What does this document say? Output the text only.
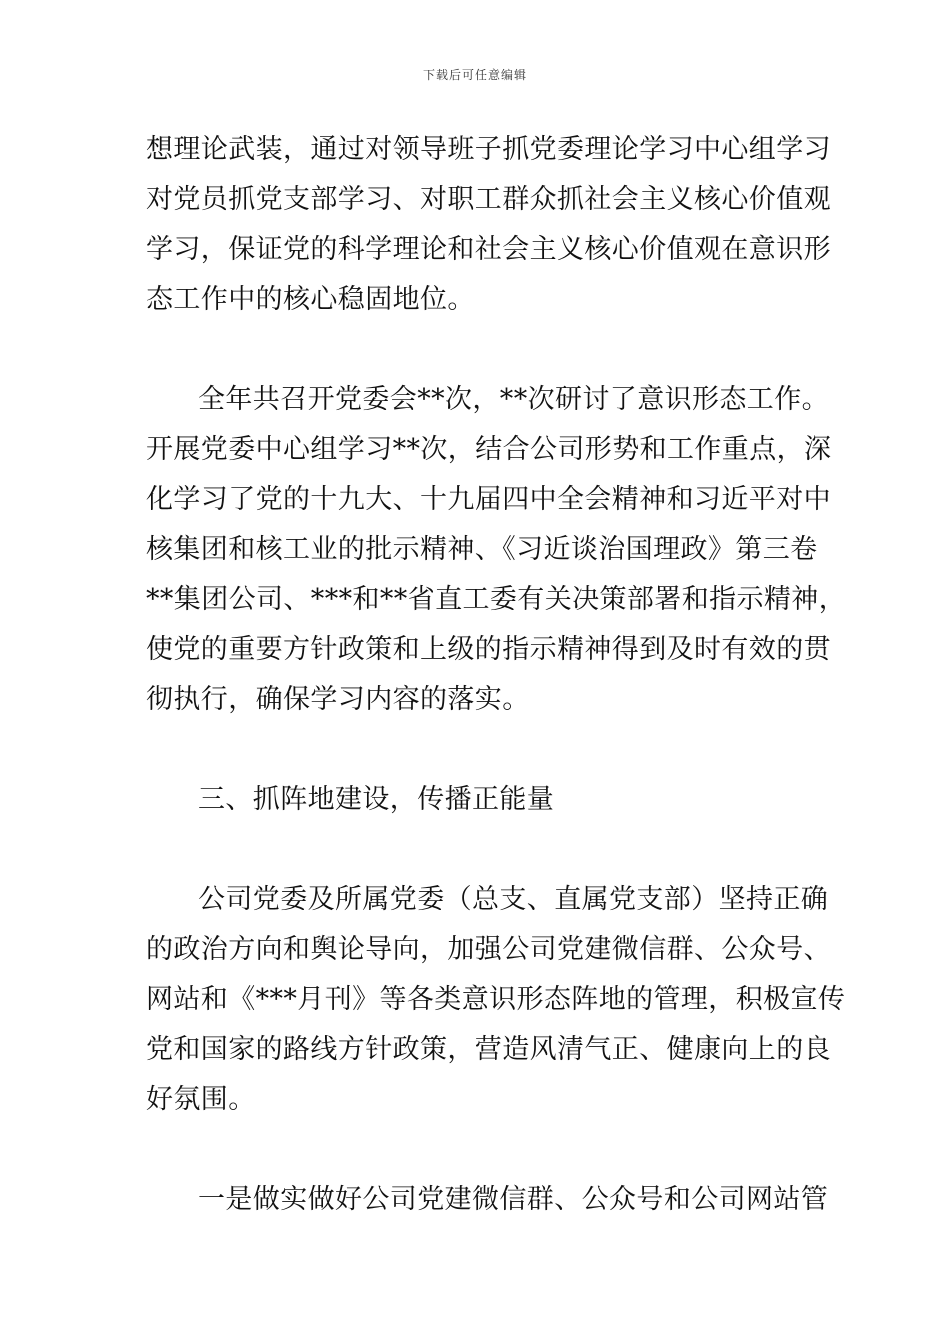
下载后可任意编辑
想理论武装，通过对领导班子抓党委理论学习中心组学习
对党员抓党支部学习、对职工群众抓社会主义核心价值观
学习，保证党的科学理论和社会主义核心价值观在意识形
态工作中的核心稳固地位。
全年共召开党委会**次，**次研讨了意识形态工作。
开展党委中心组学习**次，结合公司形势和工作重点，深
化学习了党的十九大、十九届四中全会精神和习近平对中
核集团和核工业的批示精神、《习近谈治国理政》第三卷
**集团公司、***和**省直工委有关决策部署和指示精神，
使党的重要方针政策和上级的指示精神得到及时有效的贯
彻执行，确保学习内容的落实。
三、抓阵地建设，传播正能量
公司党委及所属党委（总支、直属党支部）坚持正确
的政治方向和舆论导向，加强公司党建微信群、公众号、
网站和《***月刊》等各类意识形态阵地的管理，积极宣传
党和国家的路线方针政策，营造风清气正、健康向上的良
好氛围。
一是做实做好公司党建微信群、公众号和公司网站管
